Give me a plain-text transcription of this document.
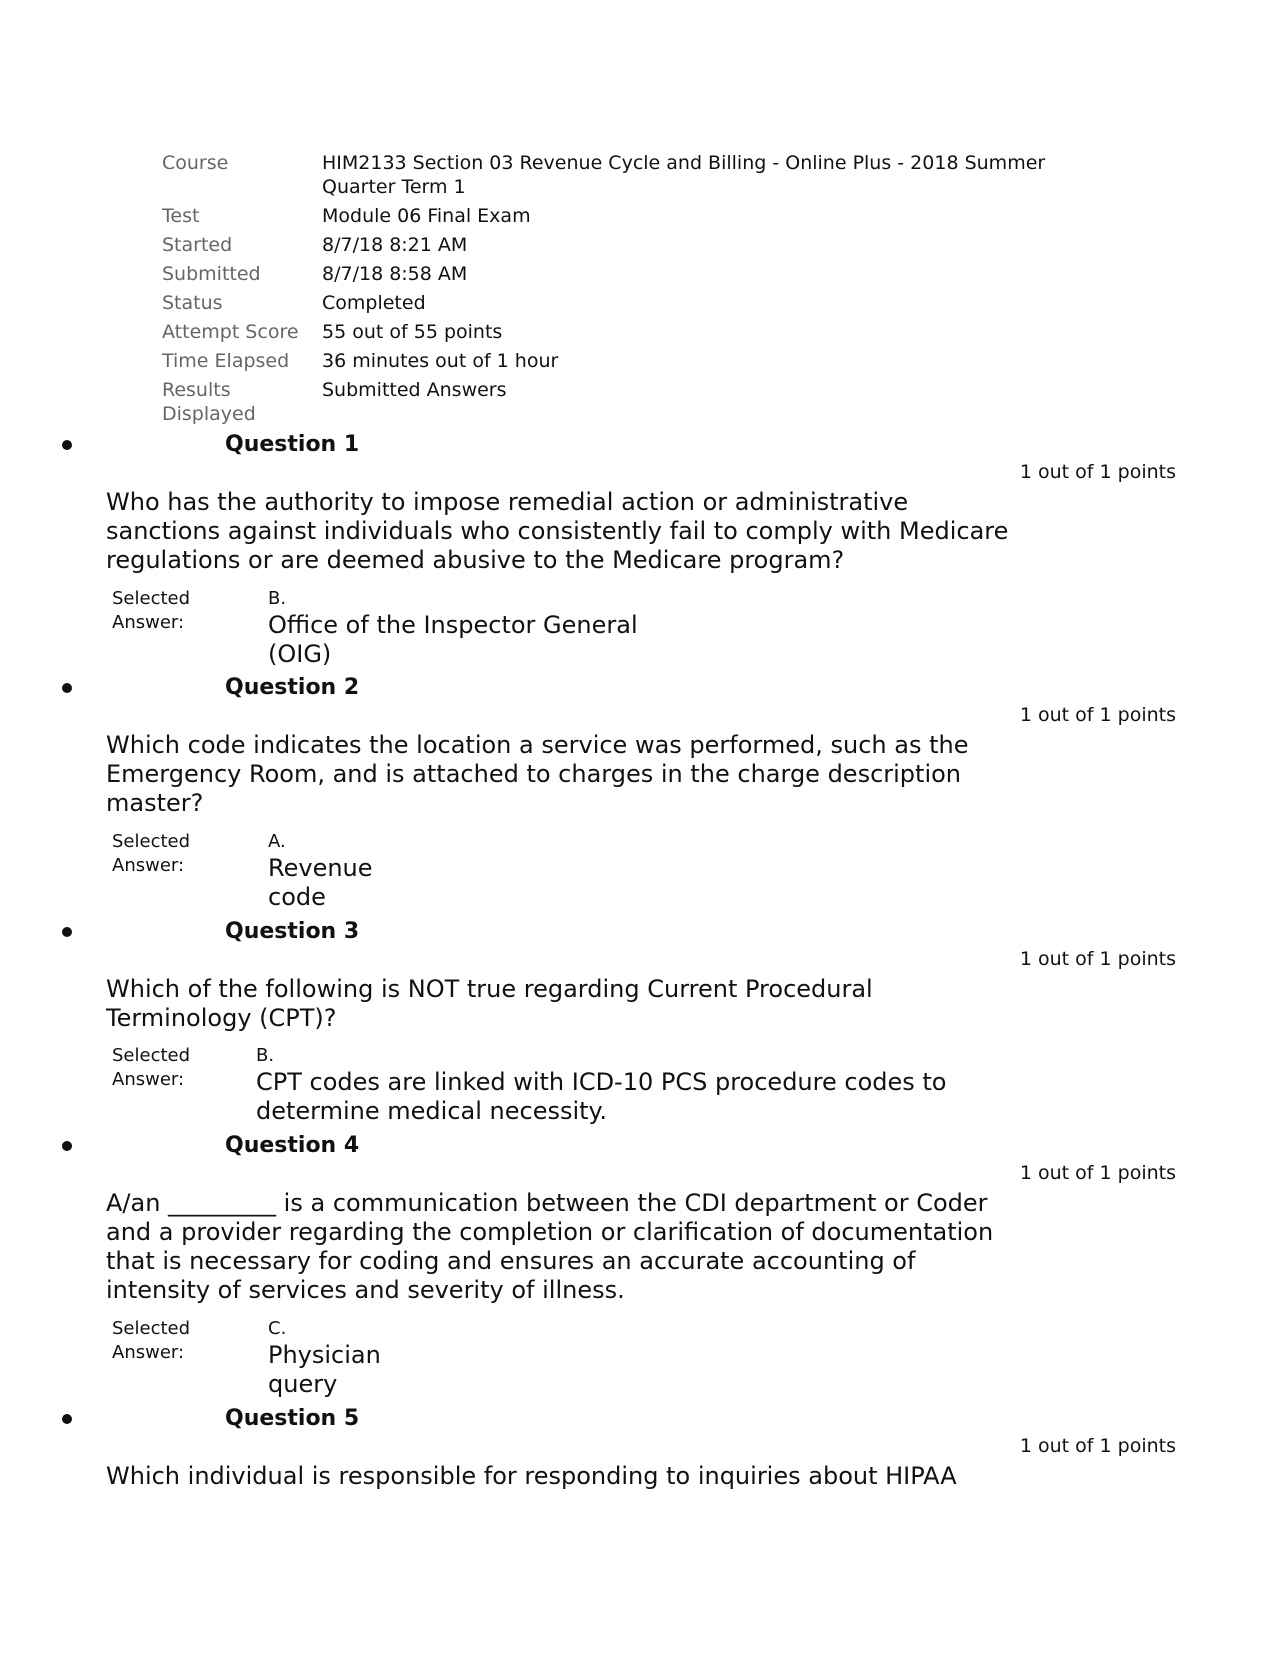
Course	HIM2133 Section 03 Revenue Cycle and Billing - Online Plus - 2018 Summer
Quarter Term 1

Test	Module 06 Final Exam

Started	8/7/18 8:21 AM

Submitted	8/7/18 8:58 AM

Status	Completed

Attempt Score	55 out of 55 points

Time Elapsed	36 minutes out of 1 hour

Results
Displayed	Submitted Answers
Question 1
1 out of 1 points
Who has the authority to impose remedial action or administrative
sanctions against individuals who consistently fail to comply with Medicare
regulations or are deemed abusive to the Medicare program?
Selected
Answer:
B.
Office of the Inspector General
(OIG)
Question 2
1 out of 1 points
Which code indicates the location a service was performed, such as the
Emergency Room, and is attached to charges in the charge description
master?
Selected
Answer:
A.
Revenue
code
Question 3
1 out of 1 points
Which of the following is NOT true regarding Current Procedural
Terminology (CPT)?
Selected
Answer:
B.
CPT codes are linked with ICD-10 PCS procedure codes to
determine medical necessity.
Question 4
1 out of 1 points
A/an _________ is a communication between the CDI department or Coder
and a provider regarding the completion or clarification of documentation
that is necessary for coding and ensures an accurate accounting of
intensity of services and severity of illness.
Selected
Answer:
C.
Physician
query
Question 5
1 out of 1 points
Which individual is responsible for responding to inquiries about HIPAA
